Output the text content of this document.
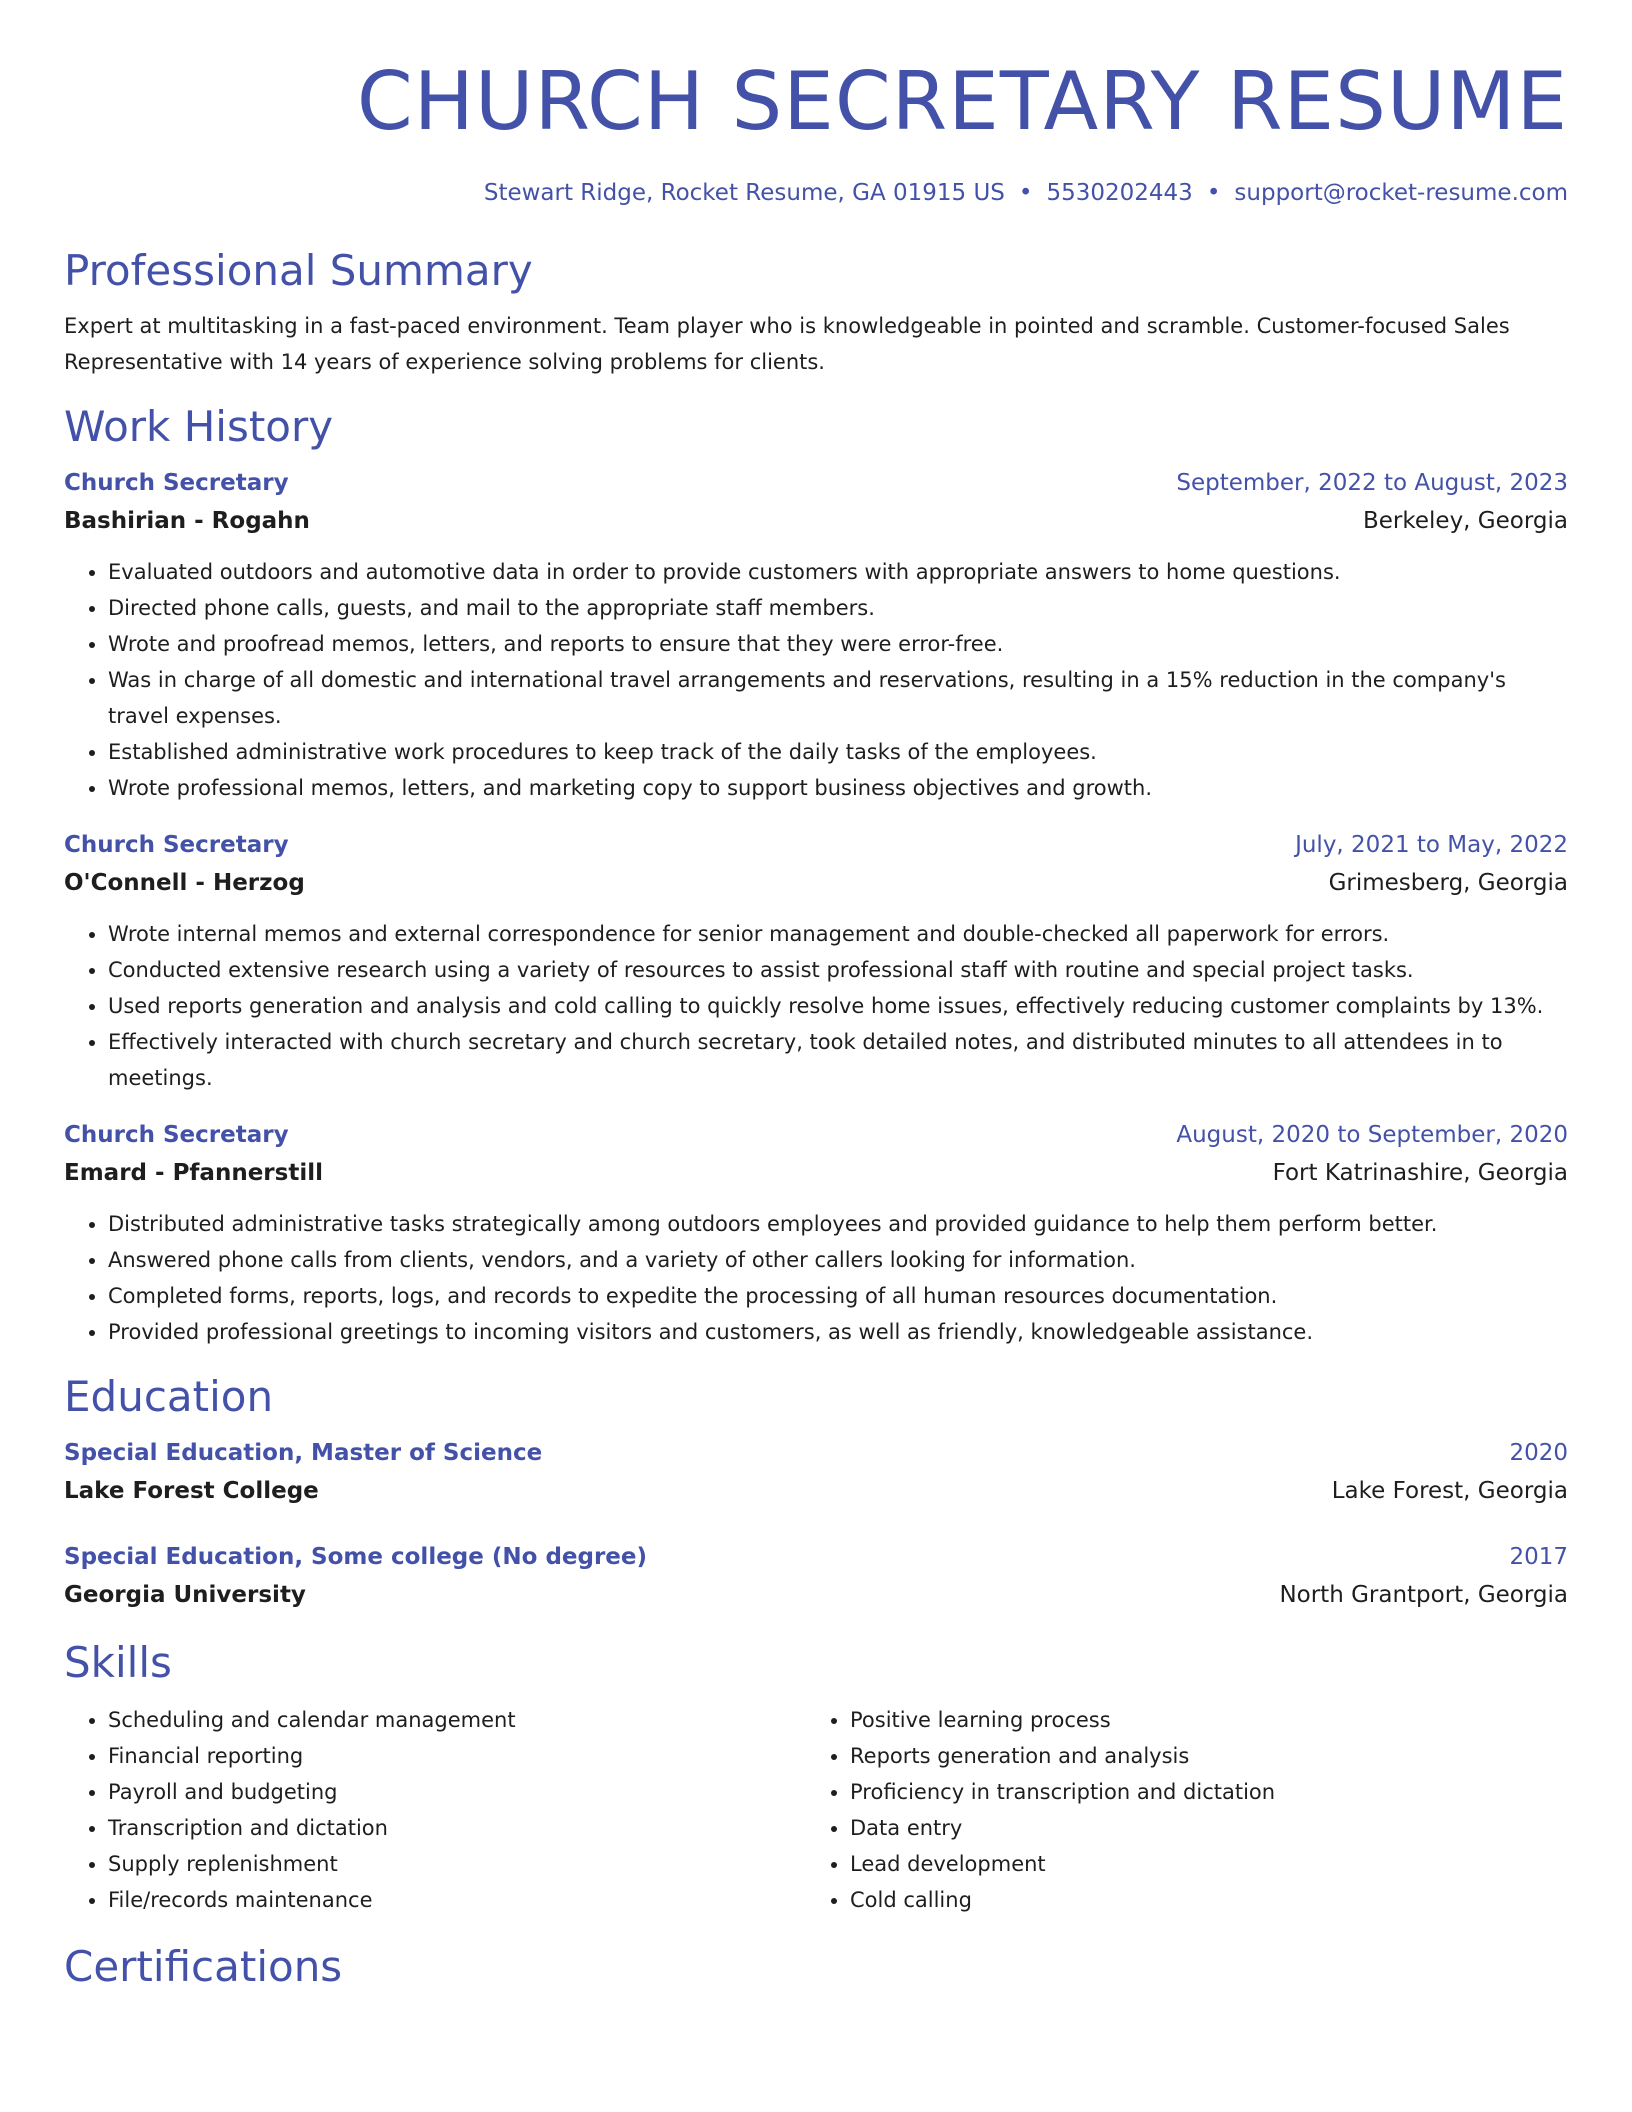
CHURCH SECRETARY RESUME
Stewart Ridge, Rocket Resume, GA 01915 US • 5530202443 • support@rocket-resume.com
Professional Summary

Expert at multitasking in a fast-paced environment. Team player who is knowledgeable in pointed and scramble. Customer-focused Sales Representative with 14 years of experience solving problems for clients.

Work History
Church Secretary	September, 2022 to August, 2023
Bashirian - Rogahn	Berkeley, Georgia
• Evaluated outdoors and automotive data in order to provide customers with appropriate answers to home questions.
• Directed phone calls, guests, and mail to the appropriate staff members.
• Wrote and proofread memos, letters, and reports to ensure that they were error-free.
• Was in charge of all domestic and international travel arrangements and reservations, resulting in a 15% reduction in the company's travel expenses.
• Established administrative work procedures to keep track of the daily tasks of the employees.
• Wrote professional memos, letters, and marketing copy to support business objectives and growth.
Church Secretary	July, 2021 to May, 2022
O'Connell - Herzog	Grimesberg, Georgia
• Wrote internal memos and external correspondence for senior management and double-checked all paperwork for errors.
• Conducted extensive research using a variety of resources to assist professional staff with routine and special project tasks.
• Used reports generation and analysis and cold calling to quickly resolve home issues, effectively reducing customer complaints by 13%.
• Effectively interacted with church secretary and church secretary, took detailed notes, and distributed minutes to all attendees in to meetings.
Church Secretary	August, 2020 to September, 2020
Emard - Pfannerstill	Fort Katrinashire, Georgia
• Distributed administrative tasks strategically among outdoors employees and provided guidance to help them perform better.
• Answered phone calls from clients, vendors, and a variety of other callers looking for information.
• Completed forms, reports, logs, and records to expedite the processing of all human resources documentation.
• Provided professional greetings to incoming visitors and customers, as well as friendly, knowledgeable assistance.
Education
Special Education, Master of Science	2020
Lake Forest College	Lake Forest, Georgia
Special Education, Some college (No degree)	2017
Georgia University	North Grantport, Georgia
Skills
• Scheduling and calendar management
• Financial reporting
• Payroll and budgeting
• Transcription and dictation
• Supply replenishment
• File/records maintenance
• Positive learning process
• Reports generation and analysis
• Proficiency in transcription and dictation
• Data entry
• Lead development
• Cold calling
Certifications
